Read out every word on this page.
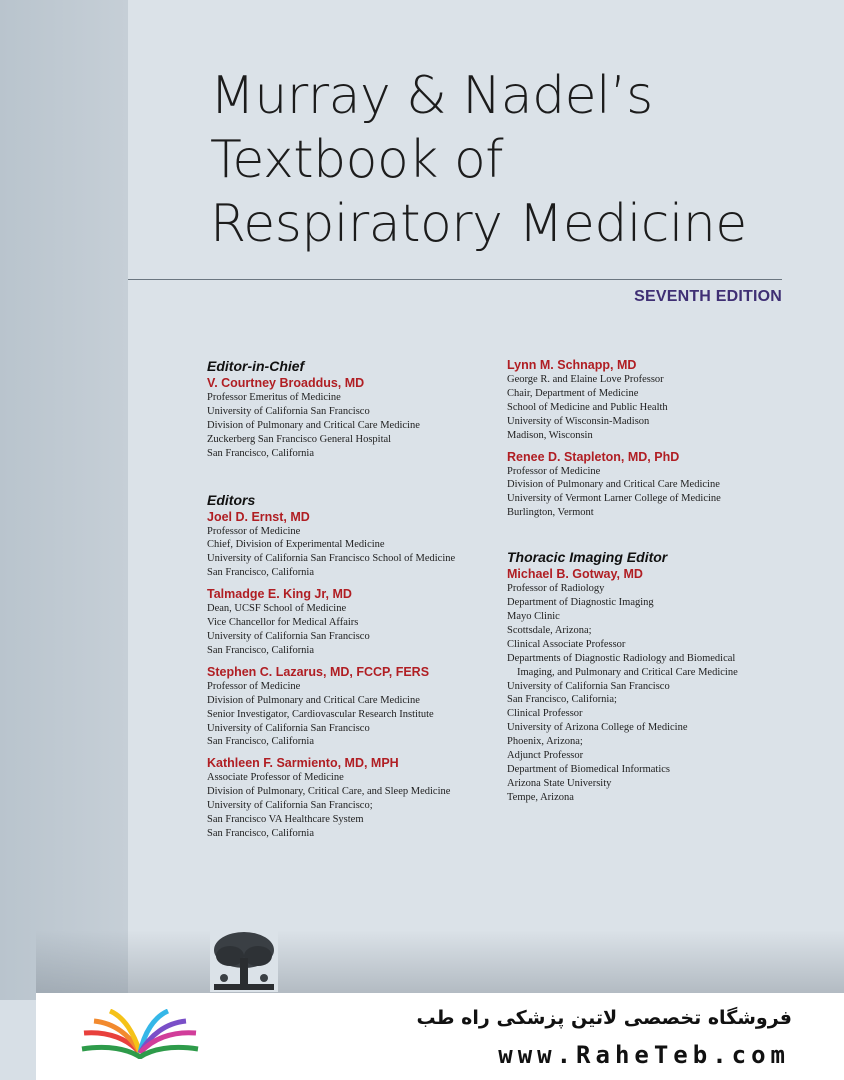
Murray & Nadel’s
Textbook of
Respiratory Medicine
SEVENTH EDITION
Editor-in-Chief
V. Courtney Broaddus, MD
Professor Emeritus of Medicine
University of California San Francisco
Division of Pulmonary and Critical Care Medicine
Zuckerberg San Francisco General Hospital
San Francisco, California
Editors
Joel D. Ernst, MD
Professor of Medicine
Chief, Division of Experimental Medicine
University of California San Francisco School of Medicine
San Francisco, California
Talmadge E. King Jr, MD
Dean, UCSF School of Medicine
Vice Chancellor for Medical Affairs
University of California San Francisco
San Francisco, California
Stephen C. Lazarus, MD, FCCP, FERS
Professor of Medicine
Division of Pulmonary and Critical Care Medicine
Senior Investigator, Cardiovascular Research Institute
University of California San Francisco
San Francisco, California
Kathleen F. Sarmiento, MD, MPH
Associate Professor of Medicine
Division of Pulmonary, Critical Care, and Sleep Medicine
University of California San Francisco;
San Francisco VA Healthcare System
San Francisco, California
Lynn M. Schnapp, MD
George R. and Elaine Love Professor
Chair, Department of Medicine
School of Medicine and Public Health
University of Wisconsin-Madison
Madison, Wisconsin
Renee D. Stapleton, MD, PhD
Professor of Medicine
Division of Pulmonary and Critical Care Medicine
University of Vermont Larner College of Medicine
Burlington, Vermont
Thoracic Imaging Editor
Michael B. Gotway, MD
Professor of Radiology
Department of Diagnostic Imaging
Mayo Clinic
Scottsdale, Arizona;
Clinical Associate Professor
Departments of Diagnostic Radiology and Biomedical
Imaging, and Pulmonary and Critical Care Medicine
University of California San Francisco
San Francisco, California;
Clinical Professor
University of Arizona College of Medicine
Phoenix, Arizona;
Adjunct Professor
Department of Biomedical Informatics
Arizona State University
Tempe, Arizona
فروشگاه تخصصی لاتین پزشکی راه طب
www.RaheTeb.com
